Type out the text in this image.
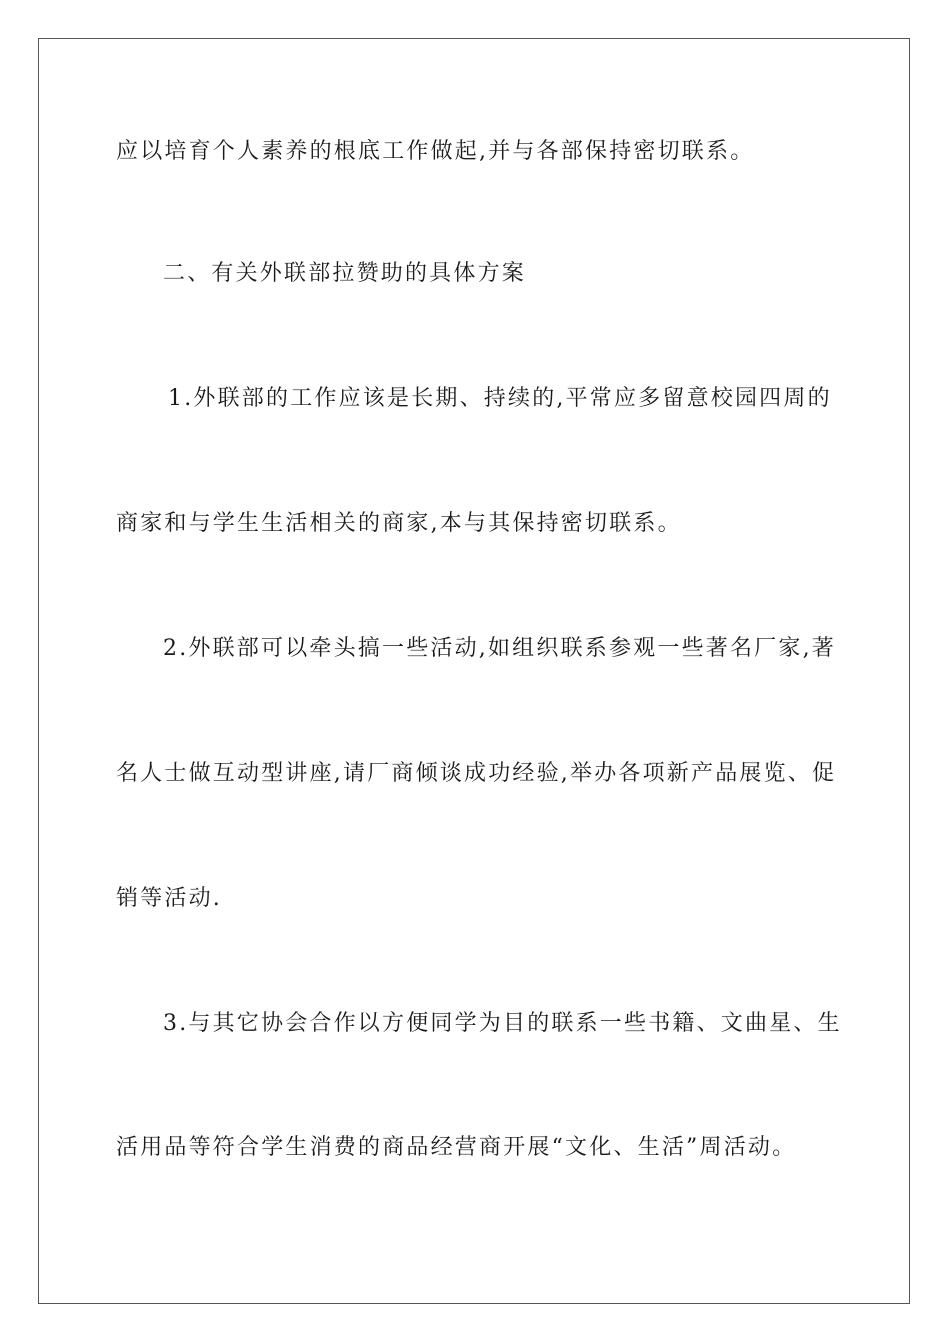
应以培育个人素养的根底工作做起,并与各部保持密切联系。
二、有关外联部拉赞助的具体方案
1.外联部的工作应该是长期、持续的,平常应多留意校园四周的
商家和与学生生活相关的商家,本与其保持密切联系。
2.外联部可以牵头搞一些活动,如组织联系参观一些著名厂家,著
名人士做互动型讲座,请厂商倾谈成功经验,举办各项新产品展览、促
销等活动.
3.与其它协会合作以方便同学为目的联系一些书籍、文曲星、生
活用品等符合学生消费的商品经营商开展“文化、生活”周活动。
